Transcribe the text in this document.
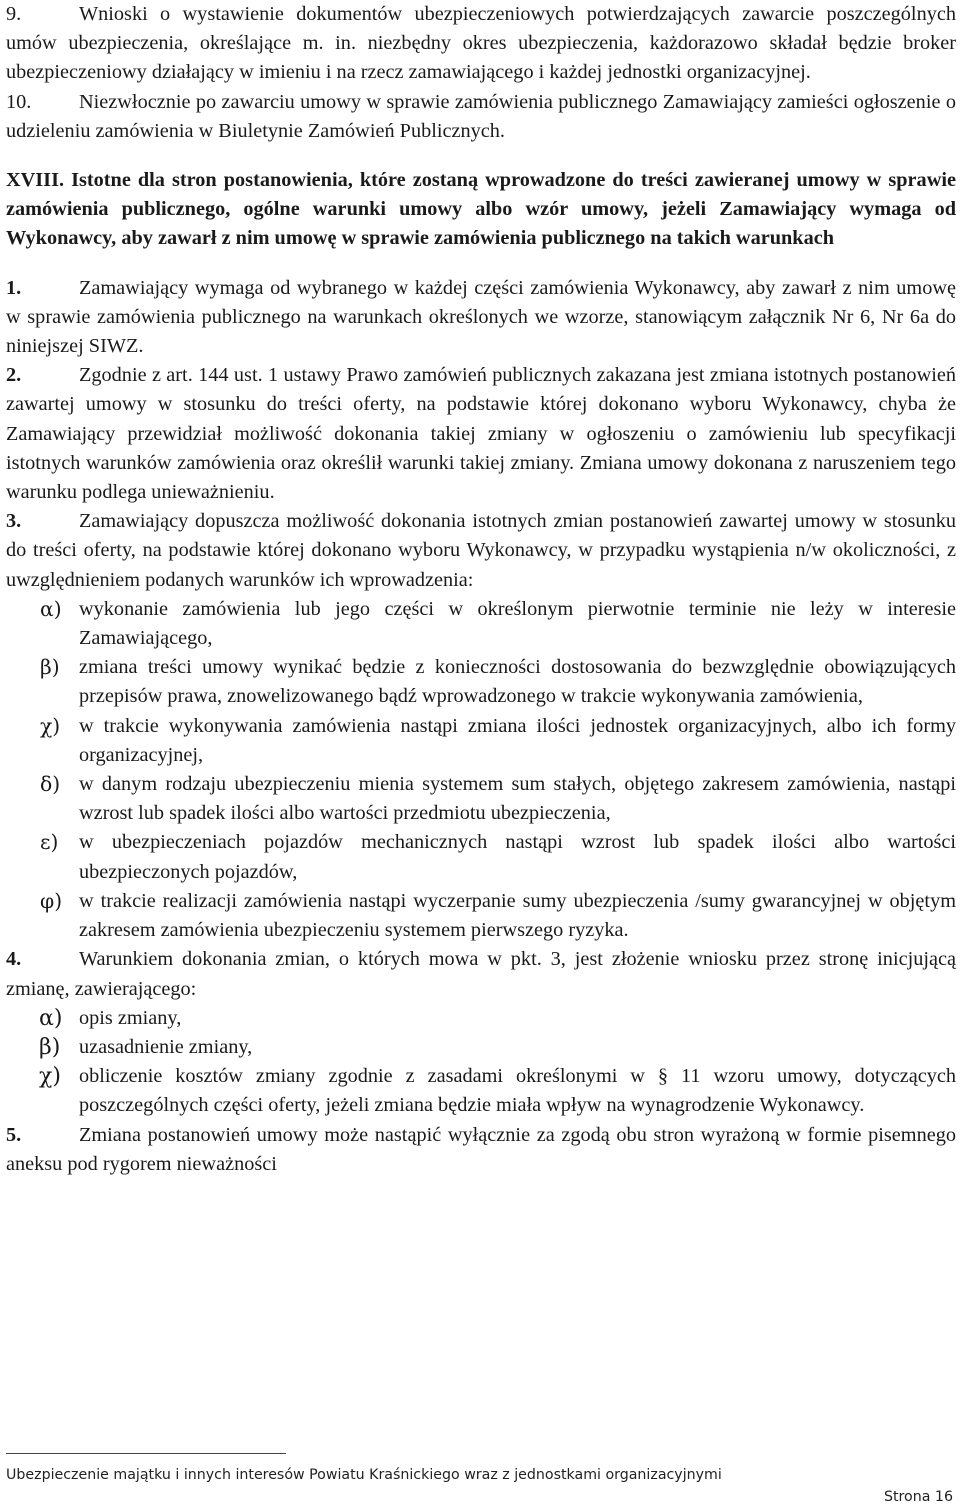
9.	Wnioski o wystawienie dokumentów ubezpieczeniowych potwierdzających zawarcie poszczególnych umów ubezpieczenia, określające m. in. niezbędny okres ubezpieczenia, każdorazowo składał będzie broker ubezpieczeniowy działający w imieniu i na rzecz zamawiającego i każdej jednostki organizacyjnej.

10. Niezwłocznie po zawarciu umowy w sprawie zamówienia publicznego Zamawiający zamieści ogłoszenie o udzieleniu zamówienia w Biuletynie Zamówień Publicznych.

XVIII. Istotne dla stron postanowienia, które zostaną wprowadzone do treści zawieranej umowy w sprawie zamówienia publicznego, ogólne warunki umowy albo wzór umowy, jeżeli Zamawiający wymaga od Wykonawcy, aby zawarł z nim umowę w sprawie zamówienia publicznego na takich warunkach

1.	Zamawiający wymaga od wybranego w każdej części zamówienia Wykonawcy, aby zawarł z nim umowę w sprawie zamówienia publicznego na warunkach określonych we wzorze, stanowiącym załącznik Nr 6, Nr 6a do niniejszej SIWZ.

2.	Zgodnie z art. 144 ust. 1 ustawy Prawo zamówień publicznych zakazana jest zmiana istotnych postanowień zawartej umowy w stosunku do treści oferty, na podstawie której dokonano wyboru Wykonawcy, chyba że Zamawiający przewidział możliwość dokonania takiej zmiany w ogłoszeniu o zamówieniu lub specyfikacji istotnych warunków zamówienia oraz określił warunki takiej zmiany. Zmiana umowy dokonana z naruszeniem tego warunku podlega unieważnieniu.

3.	Zamawiający dopuszcza możliwość dokonania istotnych zmian postanowień zawartej umowy w stosunku do treści oferty, na podstawie której dokonano wyboru Wykonawcy, w przypadku wystąpienia n/w okoliczności, z uwzględnieniem podanych warunków ich wprowadzenia:

α) wykonanie zamówienia lub jego części w określonym pierwotnie terminie nie leży w interesie Zamawiającego,

β) zmiana treści umowy wynikać będzie z konieczności dostosowania do bezwzględnie obowiązujących przepisów prawa, znowelizowanego bądź wprowadzonego w trakcie wykonywania zamówienia,

χ) w trakcie wykonywania zamówienia nastąpi zmiana ilości jednostek organizacyjnych, albo ich formy organizacyjnej,

δ) w danym rodzaju ubezpieczeniu mienia systemem sum stałych, objętego zakresem zamówienia, nastąpi wzrost lub spadek ilości albo wartości przedmiotu ubezpieczenia,

ε) w ubezpieczeniach pojazdów mechanicznych nastąpi wzrost lub spadek ilości albo wartości ubezpieczonych pojazdów,

φ) w trakcie realizacji zamówienia nastąpi wyczerpanie sumy ubezpieczenia /sumy gwarancyjnej w objętym zakresem zamówienia ubezpieczeniu systemem pierwszego ryzyka.

4.	Warunkiem dokonania zmian, o których mowa w pkt. 3, jest złożenie wniosku przez stronę inicjującą zmianę, zawierającego:

α) opis zmiany,

β) uzasadnienie zmiany,

χ) obliczenie kosztów zmiany zgodnie z zasadami określonymi w § 11 wzoru umowy, dotyczących poszczególnych części oferty, jeżeli zmiana będzie miała wpływ na wynagrodzenie Wykonawcy.

5.	Zmiana postanowień umowy może nastąpić wyłącznie za zgodą obu stron wyrażoną w formie pisemnego aneksu pod rygorem nieważności

Ubezpieczenie majątku i innych interesów Powiatu Kraśnickiego wraz z jednostkami organizacyjnymi
Strona 16
